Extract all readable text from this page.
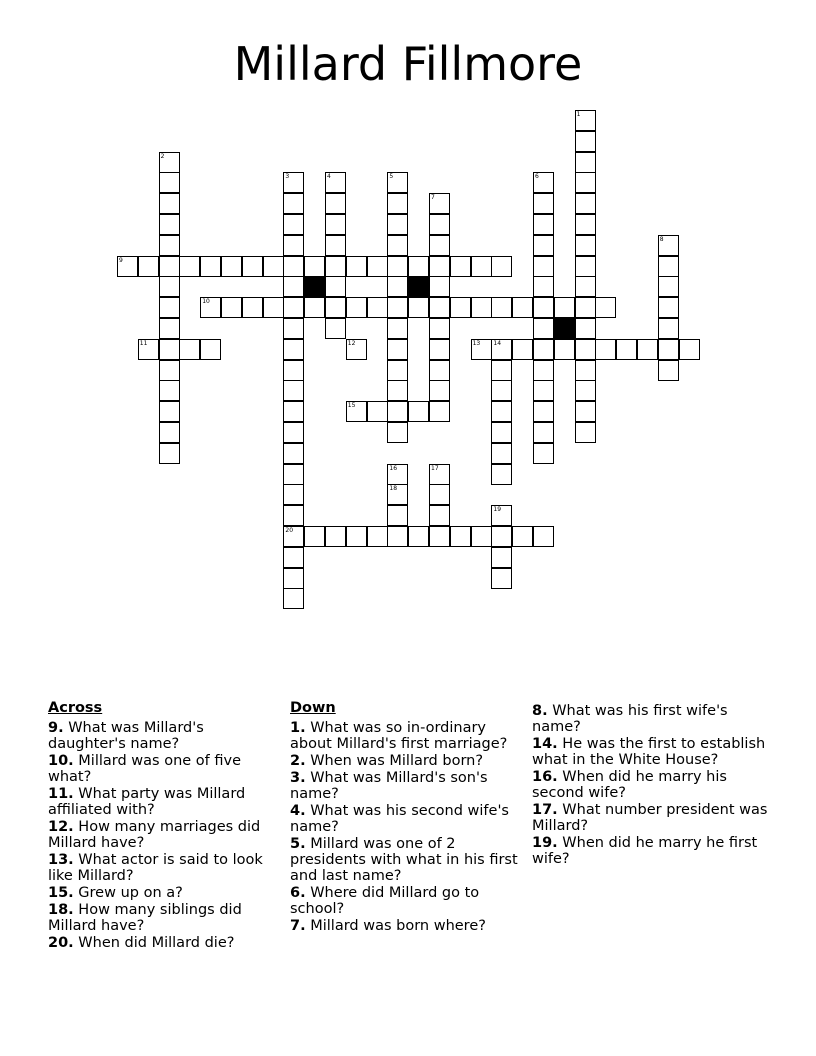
Millard Fillmore
9
10
11	12	13 14
15
18
20
1
2
3	4	5	6
7
8
16	17
19
Across
9. What was Millard's daughter's name?
10. Millard was one of five what?
11. What party was Millard affiliated with?
12. How many marriages did Millard have?
13. What actor is said to look like Millard?
15. Grew up on a?
18. How many siblings did Millard have?
20. When did Millard die?
Down
1. What was so in-ordinary about Millard's first marriage?
2. When was Millard born?
3. What was Millard's son's name?
4. What was his second wife's name?
5. Millard was one of 2 presidents with what in his first and last name?
6. Where did Millard go to school?
7. Millard was born where?
8. What was his first wife's name?
14. He was the first to establish what in the White House?
16. When did he marry his second wife?
17. What number president was Millard?
19. When did he marry he first wife?
